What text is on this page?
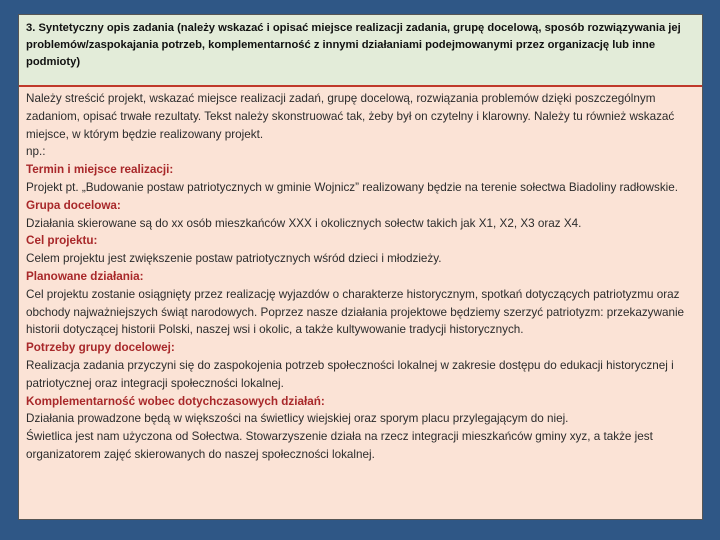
3. Syntetyczny opis zadania (należy wskazać i opisać miejsce realizacji zadania, grupę docelową, sposób rozwiązywania jej problemów/zaspokajania potrzeb, komplementarność z innymi działaniami podejmowanymi przez organizację lub inne podmioty)

Należy streścić projekt, wskazać miejsce realizacji zadań, grupę docelową, rozwiązania problemów dzięki poszczególnym zadaniom, opisać trwałe rezultaty. Tekst należy skonstruować tak, żeby był on czytelny i klarowny. Należy tu również wskazać miejsce, w którym będzie realizowany projekt.

np.:

Termin i miejsce realizacji:

Projekt pt. „Budowanie postaw patriotycznych w gminie Wojnicz” realizowany będzie na terenie sołectwa Biadoliny radłowskie.

Grupa docelowa:

Działania skierowane są do xx osób mieszkańców XXX i okolicznych sołectw takich jak X1, X2, X3 oraz X4.

Cel projektu:

Celem projektu jest zwiększenie postaw patriotycznych wśród dzieci i młodzieży.

Planowane działania:

Cel projektu zostanie osiągnięty przez realizację wyjazdów o charakterze historycznym, spotkań dotyczących patriotyzmu oraz obchody najważniejszych świąt narodowych. Poprzez nasze działania projektowe będziemy szerzyć patriotyzm: przekazywanie historii dotyczącej historii Polski, naszej wsi i okolic, a także kultywowanie tradycji historycznych.

Potrzeby grupy docelowej:

Realizacja zadania przyczyni się do zaspokojenia potrzeb społeczności lokalnej w zakresie dostępu do edukacji historycznej i patriotycznej oraz integracji społeczności lokalnej.

Komplementarność wobec dotychczasowych działań:

Działania prowadzone będą w większości na świetlicy wiejskiej oraz sporym placu przylegającym do niej.

Świetlica jest nam użyczona od Sołectwa. Stowarzyszenie działa na rzecz integracji mieszkańców gminy xyz, a także jest organizatorem zajęć skierowanych do naszej społeczności lokalnej.
